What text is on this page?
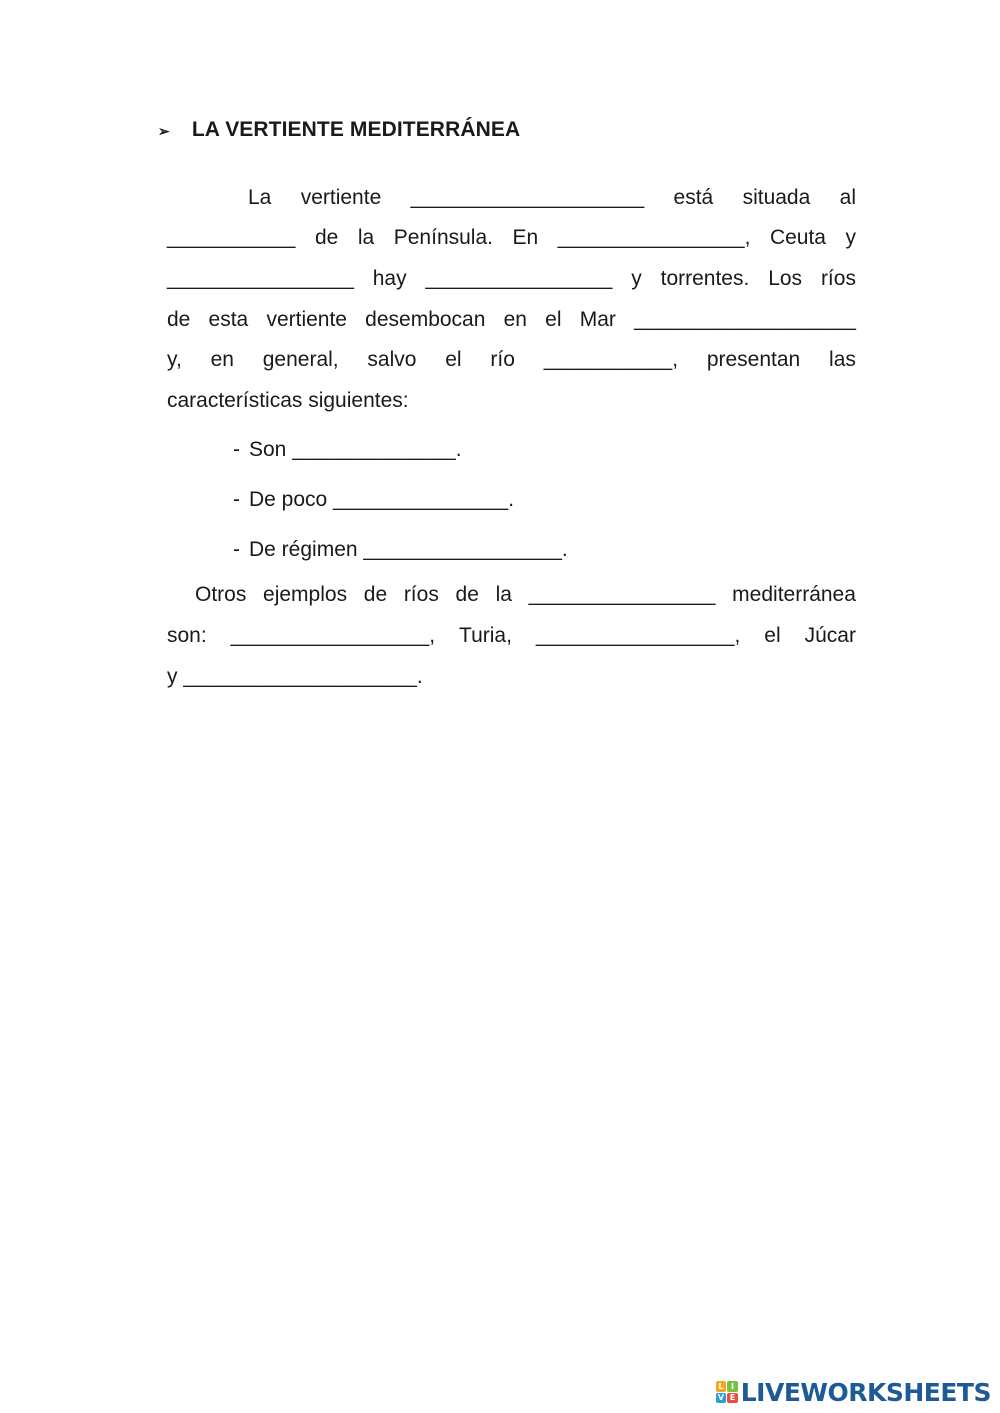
➢ LA VERTIENTE MEDITERRÁNEA
La vertiente ____________________ está situada al
___________ de la Península. En ________________, Ceuta y
________________ hay ________________ y torrentes. Los ríos
de esta vertiente desembocan en el Mar ___________________
y, en general, salvo el río ___________, presentan las
características siguientes:
- Son ______________.
- De poco _______________.
- De régimen _________________.
Otros ejemplos de ríos de la ________________ mediterránea
son: _________________, Turia, _________________, el Júcar
y ____________________.
L I
V E LIVEWORKSHEETS
